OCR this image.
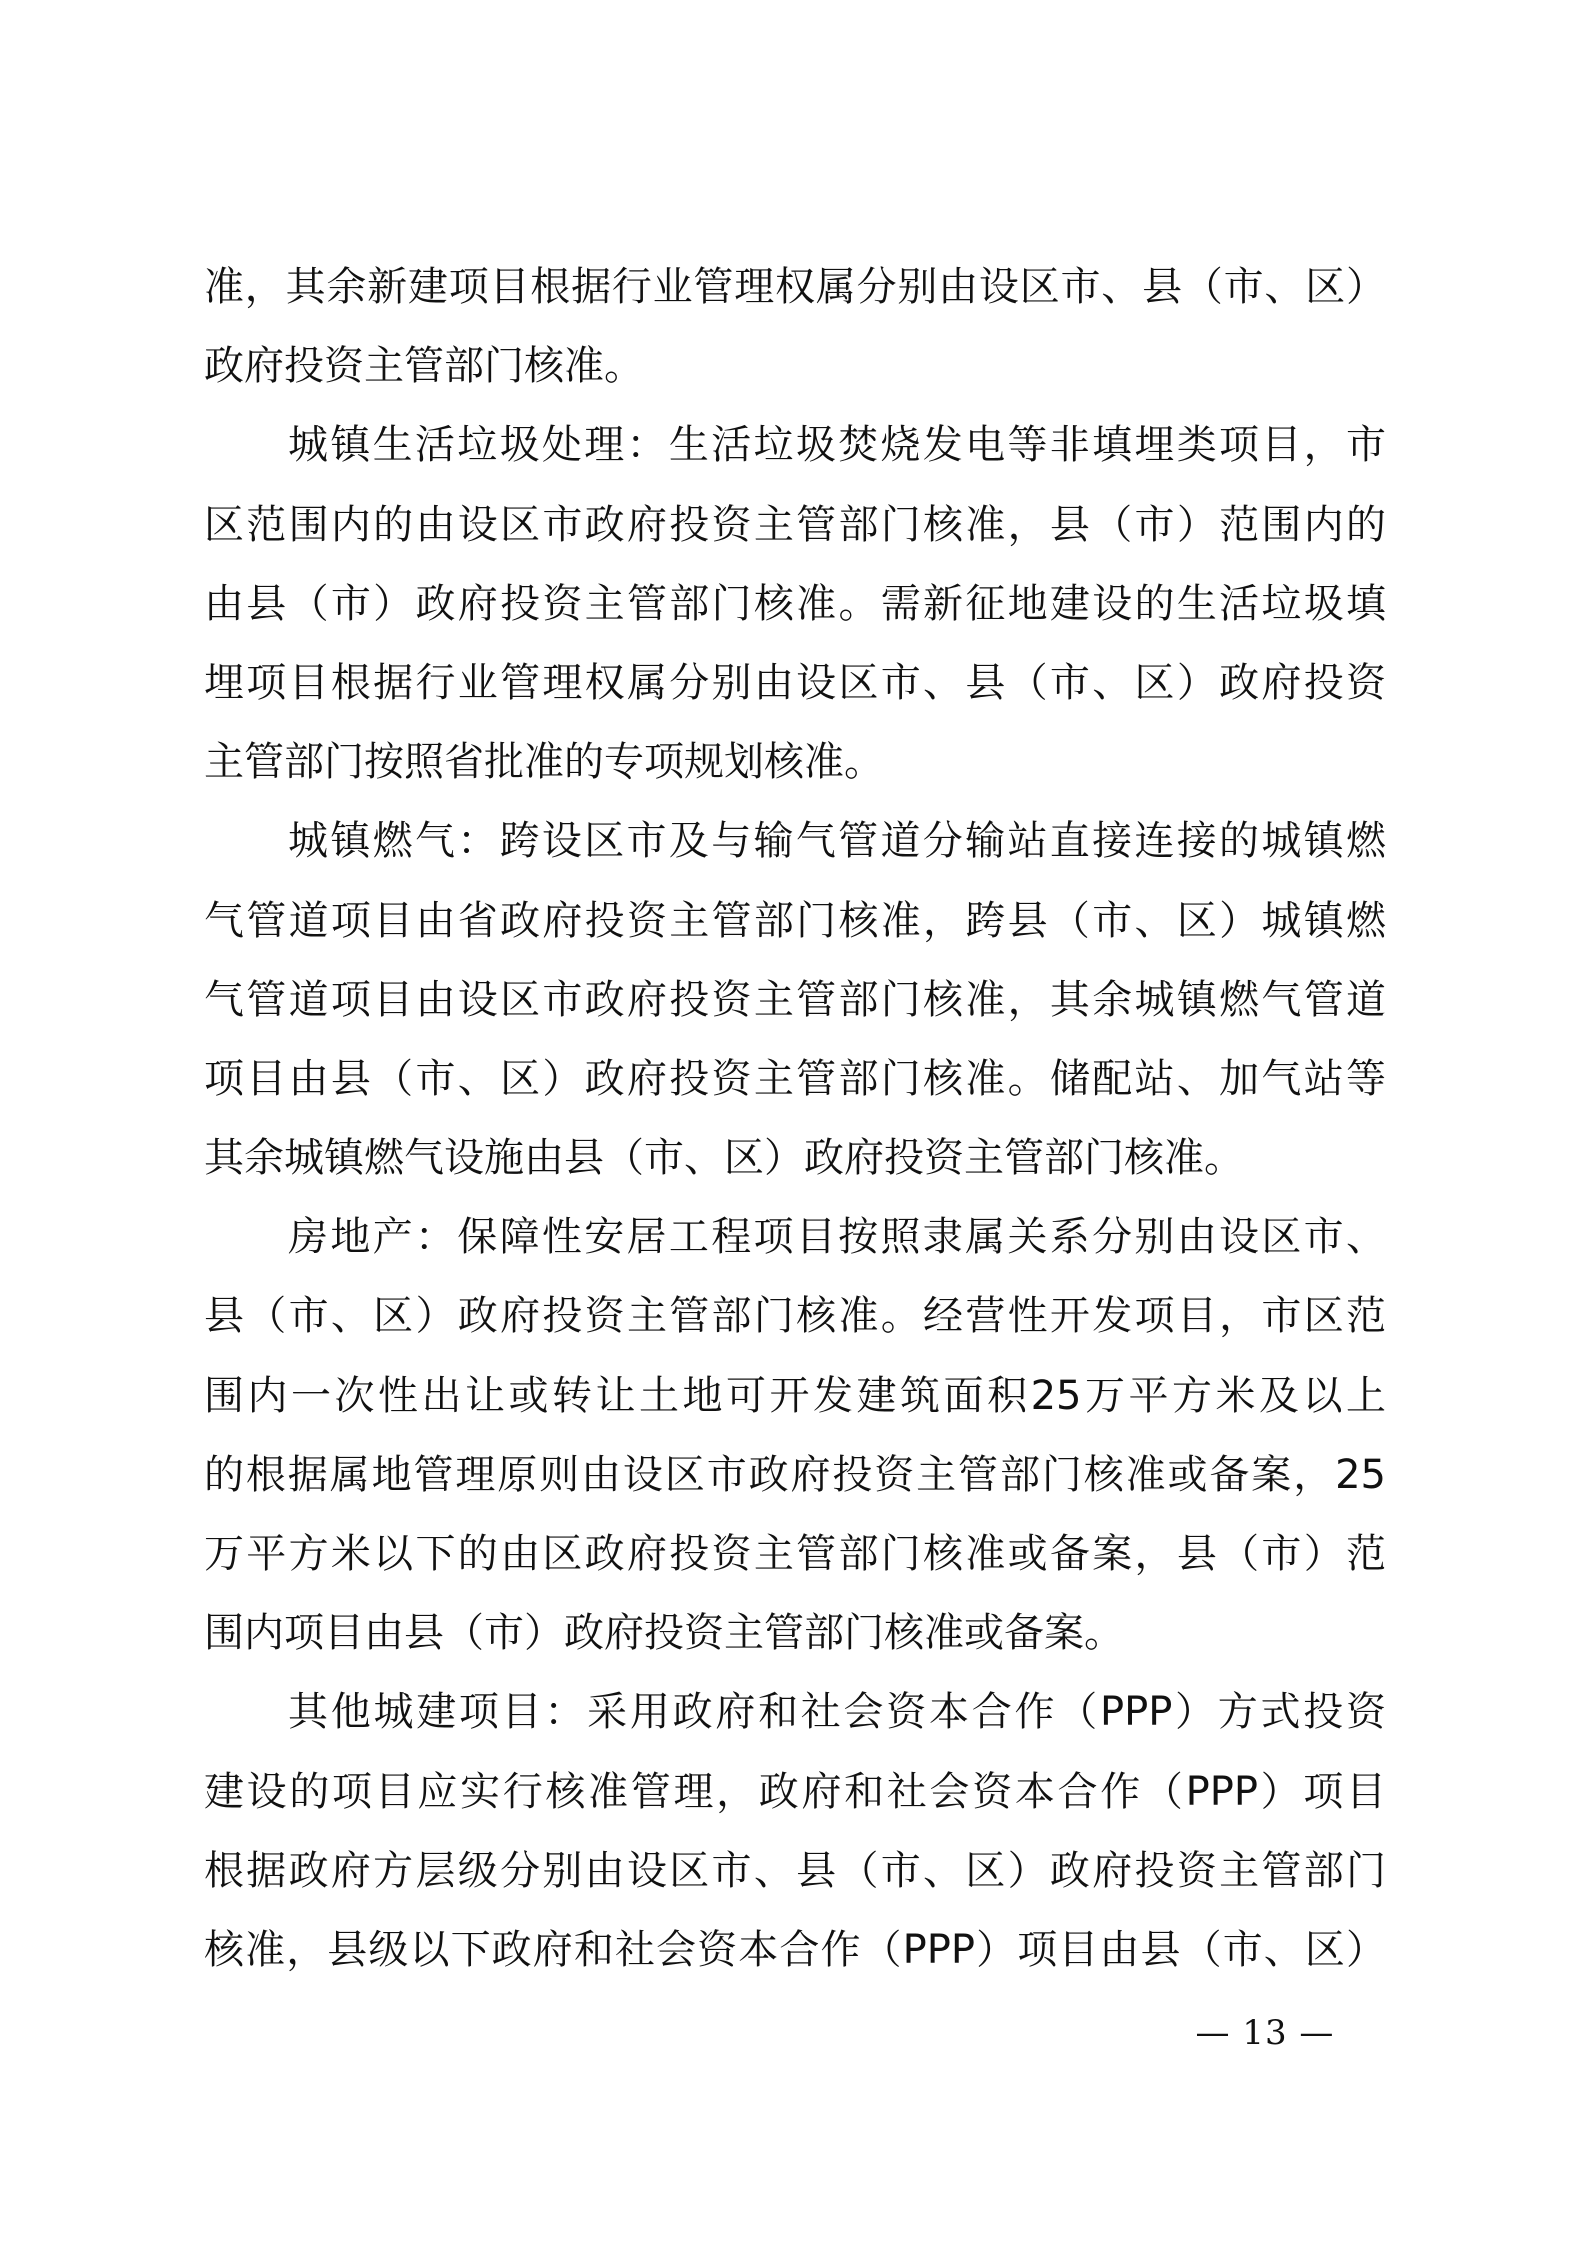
准，其余新建项目根据行业管理权属分别由设区市、县（市、区）
政府投资主管部门核准。
城镇生活垃圾处理：生活垃圾焚烧发电等非填埋类项目，市
区范围内的由设区市政府投资主管部门核准，县（市）范围内的
由县（市）政府投资主管部门核准。需新征地建设的生活垃圾填
埋项目根据行业管理权属分别由设区市、县（市、区）政府投资
主管部门按照省批准的专项规划核准。
城镇燃气：跨设区市及与输气管道分输站直接连接的城镇燃
气管道项目由省政府投资主管部门核准，跨县（市、区）城镇燃
气管道项目由设区市政府投资主管部门核准，其余城镇燃气管道
项目由县（市、区）政府投资主管部门核准。储配站、加气站等
其余城镇燃气设施由县（市、区）政府投资主管部门核准。
房地产：保障性安居工程项目按照隶属关系分别由设区市、
县（市、区）政府投资主管部门核准。经营性开发项目，市区范
围内一次性出让或转让土地可开发建筑面积25万平方米及以上
的根据属地管理原则由设区市政府投资主管部门核准或备案，25
万平方米以下的由区政府投资主管部门核准或备案，县（市）范
围内项目由县（市）政府投资主管部门核准或备案。
其他城建项目：采用政府和社会资本合作（PPP）方式投资
建设的项目应实行核准管理，政府和社会资本合作（PPP）项目
根据政府方层级分别由设区市、县（市、区）政府投资主管部门
核准，县级以下政府和社会资本合作（PPP）项目由县（市、区）
— 13 —
